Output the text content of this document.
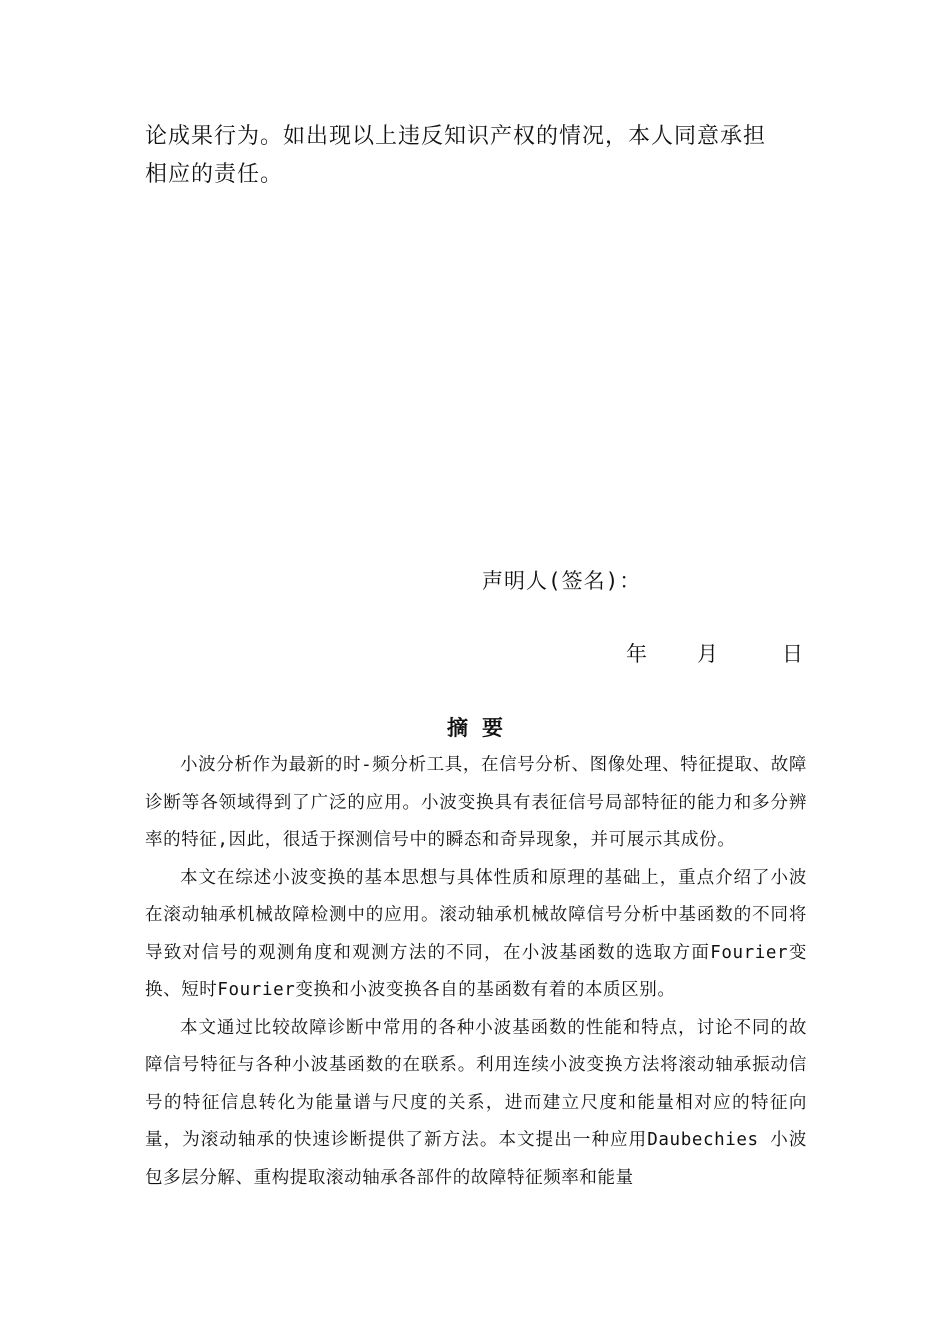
论成果行为。如出现以上违反知识产权的情况，本人同意承担

相应的责任。

声明人(签名)：
年 月	日
摘要

小波分析作为最新的时-频分析工具，在信号分析、图像处理、特征提取、故障诊断等各领域得到了广泛的应用。小波变换具有表征信号局部特征的能力和多分辨率的特征,因此，很适于探测信号中的瞬态和奇异现象，并可展示其成份。

本文在综述小波变换的基本思想与具体性质和原理的基础上，重点介绍了小波在滚动轴承机械故障检测中的应用。滚动轴承机械故障信号分析中基函数的不同将导致对信号的观测角度和观测方法的不同，在小波基函数的选取方面Fourier变换、短时Fourier变换和小波变换各自的基函数有着的本质区别。

本文通过比较故障诊断中常用的各种小波基函数的性能和特点，讨论不同的故障信号特征与各种小波基函数的在联系。利用连续小波变换方法将滚动轴承振动信号的特征信息转化为能量谱与尺度的关系，进而建立尺度和能量相对应的特征向量，为滚动轴承的快速诊断提供了新方法。本文提出一种应用Daubechies 小波包多层分解、重构提取滚动轴承各部件的故障特征频率和能量
